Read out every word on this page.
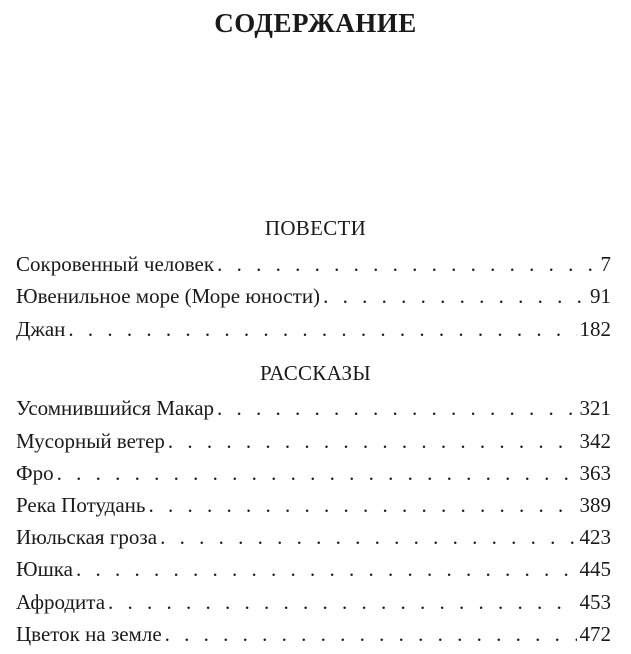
СОДЕРЖАНИЕ
ПОВЕСТИ
Сокровенный человек . . .	7
Ювенильное море (Море юности) . . .	91
Джан . . .	182
РАССКАЗЫ
Усомнившийся Макар . . .	321
Мусорный ветер . . .	342
Фро . . .	363
Река Потудань . . .	389
Июльская гроза . . .	423
Юшка . . .	445
Афродита . . .	453
Цветок на земле . . .	472
